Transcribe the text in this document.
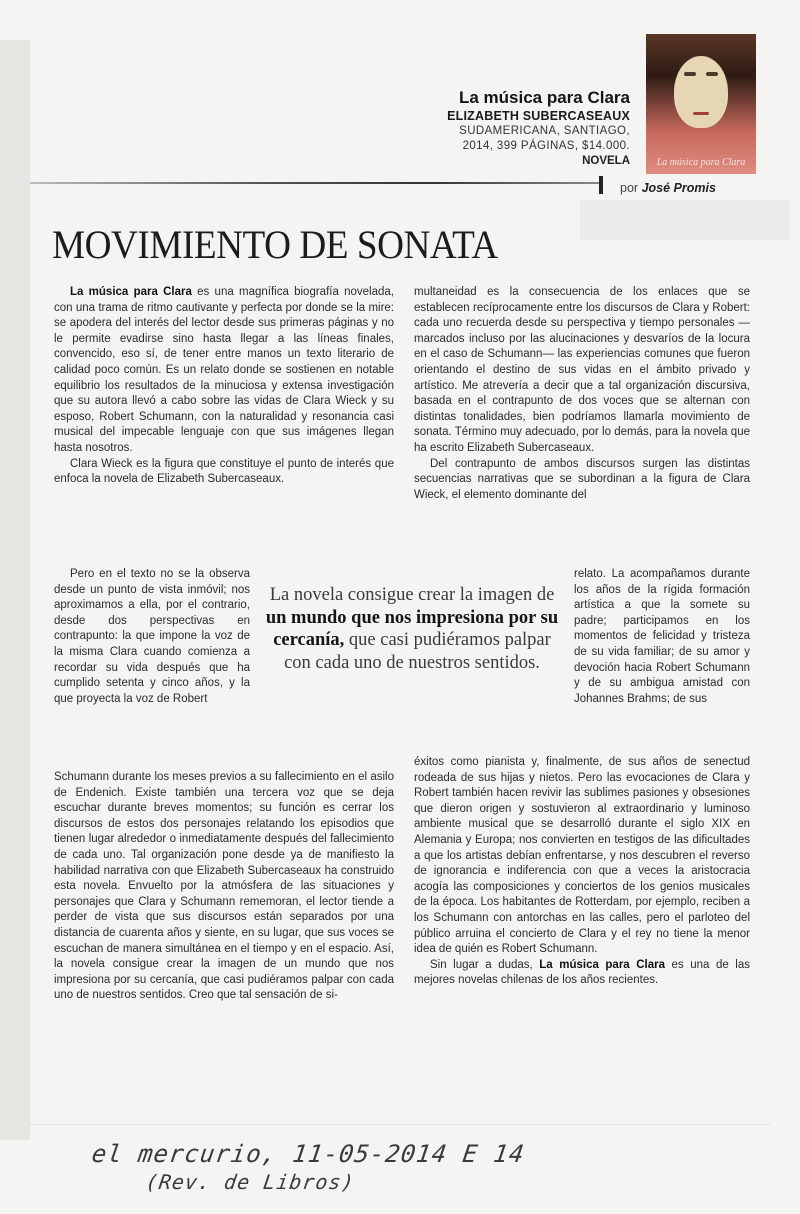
La música para Clara
ELIZABETH SUBERCASEAUX
SUDAMERICANA, SANTIAGO,
2014, 399 PÁGINAS, $14.000.
NOVELA	La música para Clara
por José Promis
MOVIMIENTO DE SONATA

La música para Clara es una magnífica biografía novelada, con una trama de ritmo cautivante y perfecta por donde se la mire: se apodera del interés del lector desde sus primeras páginas y no le permite evadirse sino hasta llegar a las líneas finales, convencido, eso sí, de tener entre manos un texto literario de calidad poco común. Es un relato donde se sostienen en notable equilibrio los resultados de la minuciosa y extensa investigación que su autora llevó a cabo sobre las vidas de Clara Wieck y su esposo, Robert Schumann, con la naturalidad y resonancia casi musical del impecable lenguaje con que sus imágenes llegan hasta nosotros.

Clara Wieck es la figura que constituye el punto de interés que enfoca la novela de Elizabeth Subercaseaux.

Pero en el texto no se la observa desde un punto de vista inmóvil; nos aproximamos a ella, por el contrario, desde dos perspectivas en contrapunto: la que impone la voz de la misma Clara cuando comienza a recordar su vida después que ha cumplido setenta y cinco años, y la que proyecta la voz de Robert

La novela consigue crear la imagen de un mundo que nos impresiona por su cercanía, que casi pudiéramos palpar con cada uno de nuestros sentidos.

Schumann durante los meses previos a su fallecimiento en el asilo de Endenich. Existe también una tercera voz que se deja escuchar durante breves momentos; su función es cerrar los discursos de estos dos personajes relatando los episodios que tienen lugar alrededor o inmediatamente después del fallecimiento de cada uno. Tal organización pone desde ya de manifiesto la habilidad narrativa con que Elizabeth Subercaseaux ha construido esta novela. Envuelto por la atmósfera de las situaciones y personajes que Clara y Schumann rememoran, el lector tiende a perder de vista que sus discursos están separados por una distancia de cuarenta años y siente, en su lugar, que sus voces se escuchan de manera simultánea en el tiempo y en el espacio. Así, la novela consigue crear la imagen de un mundo que nos impresiona por su cercanía, que casi pudiéramos palpar con cada uno de nuestros sentidos. Creo que tal sensación de si-

multaneidad es la consecuencia de los enlaces que se establecen recíprocamente entre los discursos de Clara y Robert: cada uno recuerda desde su perspectiva y tiempo personales —marcados incluso por las alucinaciones y desvaríos de la locura en el caso de Schumann— las experiencias comunes que fueron orientando el destino de sus vidas en el ámbito privado y artístico. Me atrevería a decir que a tal organización discursiva, basada en el contrapunto de dos voces que se alternan con distintas tonalidades, bien podríamos llamarla movimiento de sonata. Término muy adecuado, por lo demás, para la novela que ha escrito Elizabeth Subercaseaux.

Del contrapunto de ambos discursos surgen las distintas secuencias narrativas que se subordinan a la figura de Clara Wieck, el elemento dominante del

relato. La acompañamos durante los años de la rígida formación artística a que la somete su padre; participamos en los momentos de felicidad y tristeza de su vida familiar; de su amor y devoción hacia Robert Schumann y de su ambigua amistad con Johannes Brahms; de sus

éxitos como pianista y, finalmente, de sus años de senectud rodeada de sus hijas y nietos. Pero las evocaciones de Clara y Robert también hacen revivir las sublimes pasiones y obsesiones que dieron origen y sostuvieron al extraordinario y luminoso ambiente musical que se desarrolló durante el siglo XIX en Alemania y Europa; nos convierten en testigos de las dificultades a que los artistas debían enfrentarse, y nos descubren el reverso de ignorancia e indiferencia con que a veces la aristocracia acogía las composiciones y conciertos de los genios musicales de la época. Los habitantes de Rotterdam, por ejemplo, reciben a los Schumann con antorchas en las calles, pero el parloteo del público arruina el concierto de Clara y el rey no tiene la menor idea de quién es Robert Schumann.

Sin lugar a dudas, La música para Clara es una de las mejores novelas chilenas de los años recientes.

el mercurio, 11-05-2014 E 14
(Rev. de Libros)
